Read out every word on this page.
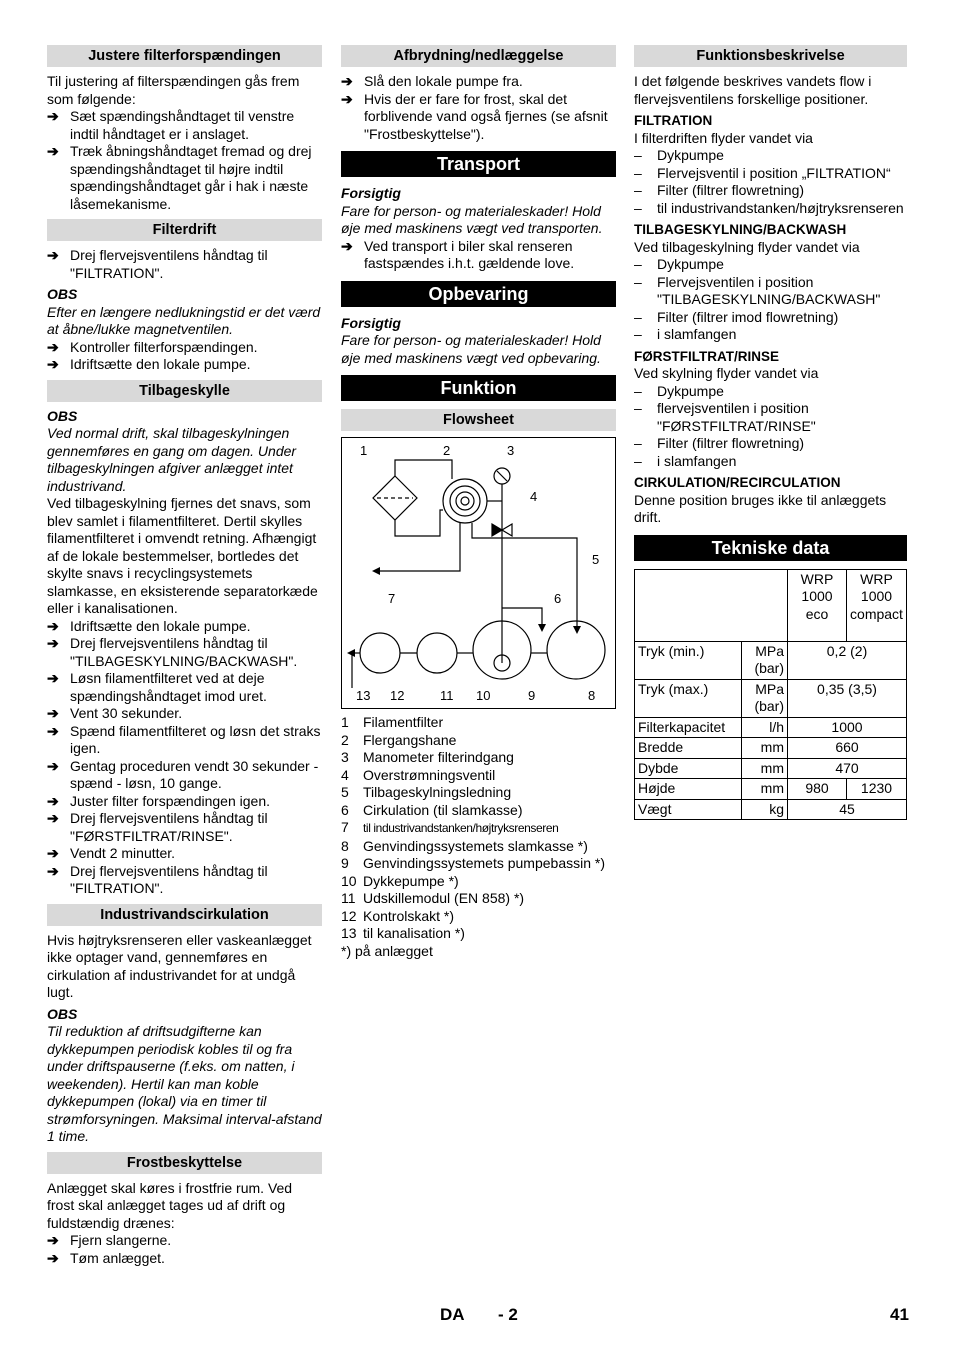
Justere filterforspændingen

Til justering af filterspændingen gås frem som følgende:

➔ Sæt spændingshåndtaget til venstre indtil håndtaget er i anslaget.
➔ Træk åbningshåndtaget fremad og drej spændingshåndtaget til højre indtil spændingshåndtaget går i hak i næste låsemekanisme.
Filterdrift
➔ Drej flervejsventilens håndtag til "FILTRATION".

OBS

Efter en længere nedlukningstid er det værd at åbne/lukke magnetventilen.

➔ Kontroller filterforspændingen.
➔ Idriftsætte den lokale pumpe.
Tilbageskylle

OBS

Ved normal drift, skal tilbageskylningen gennemføres en gang om dagen. Under tilbageskylningen afgiver anlægget intet industrivand.

Ved tilbageskylning fjernes det snavs, som blev samlet i filamentfilteret. Dertil skylles filamentfilteret i omvendt retning. Afhængigt af de lokale bestemmelser, bortledes det skylte snavs i recyclingsystemets slamkasse, en eksisterende separatorkæde eller i kanalisationen.

➔ Idriftsætte den lokale pumpe.
➔ Drej flervejsventilens håndtag til "TILBAGESKYLNING/BACKWASH".
➔ Løsn filamentfilteret ved at deje spændingshåndtaget imod uret.
➔ Vent 30 sekunder.
➔ Spænd filamentfilteret og løsn det straks igen.
➔ Gentag proceduren vendt 30 sekunder - spænd - løsn, 10 gange.
➔ Juster filter forspændingen igen.
➔ Drej flervejsventilens håndtag til "FØRSTFILTRAT/RINSE".
➔ Vendt 2 minutter.
➔ Drej flervejsventilens håndtag til "FILTRATION".
Industrivandscirkulation

Hvis højtryksrenseren eller vaskeanlægget ikke optager vand, gennemføres en cirkulation af industrivandet for at undgå lugt.

OBS

Til reduktion af driftsudgifterne kan dykkepumpen periodisk kobles til og fra under driftspauserne (f.eks. om natten, i weekenden). Hertil kan man koble dykkepumpen (lokal) via en timer til strømforsyningen. Maksimal interval-afstand 1 time.

Frostbeskyttelse

Anlægget skal køres i frostfrie rum. Ved frost skal anlægget tages ud af drift og fuldstændig drænes:

➔ Fjern slangerne.
➔ Tøm anlægget.
Afbrydning/nedlæggelse
➔ Slå den lokale pumpe fra.
➔ Hvis der er fare for frost, skal det forblivende vand også fjernes (se afsnit "Frostbeskyttelse").
Transport

Forsigtig

Fare for person- og materialeskader! Hold øje med maskinens vægt ved transporten.

➔ Ved transport i biler skal renseren fastspændes i.h.t. gældende love.
Opbevaring

Forsigtig

Fare for person- og materialeskader! Hold øje med maskinens vægt ved opbevaring.

Funktion
Flowsheet
1	2	3
4
5
6
7
8
9
10
11
12
13
1 Filamentfilter
2 Flergangshane
3 Manometer filterindgang
4 Overstrømningsventil
5 Tilbageskylningsledning
6 Cirkulation (til slamkasse)
7 til industrivandstanken/højtryksrenseren
8 Genvindingssystemets slamkasse *)
9 Genvindingssystemets pumpebassin *)
10 Dykkepumpe *)
11 Udskillemodul (EN 858) *)
12 Kontrolskakt *)
13 til kanalisation *)

*) på anlægget

Funktionsbeskrivelse

I det følgende beskrives vandets flow i flervejsventilens forskellige positioner.

FILTRATION

I filterdriften flyder vandet via

– Dykpumpe
– Flervejsventil i position „FILTRATION“
– Filter (filtrer flowretning)
– til industrivandstanken/højtryksrenseren

TILBAGESKYLNING/BACKWASH

Ved tilbageskylning flyder vandet via

– Dykpumpe
– Flervejsventilen i position "TILBAGESKYLNING/BACKWASH"
– Filter (filtrer imod flowretning)
– i slamfangen

FØRSTFILTRAT/RINSE

Ved skylning flyder vandet via

– Dykpumpe
– flervejsventilen i position "FØRSTFILTRAT/RINSE"
– Filter (filtrer flowretning)
– i slamfangen

CIRKULATION/RECIRCULATION

Denne position bruges ikke til anlæggets drift.

Tekniske data
		WRP 1000 eco	WRP 1000 compact
Tryk (min.)	MPa (bar)	0,2 (2)	
Tryk (max.)	MPa (bar)	0,35 (3,5)	
Filterkapacitet	l/h	1000	
Bredde	mm	660	
Dybde	mm	470	
Højde	mm	980	1230
Vægt	kg	45	
DA - 2	41
